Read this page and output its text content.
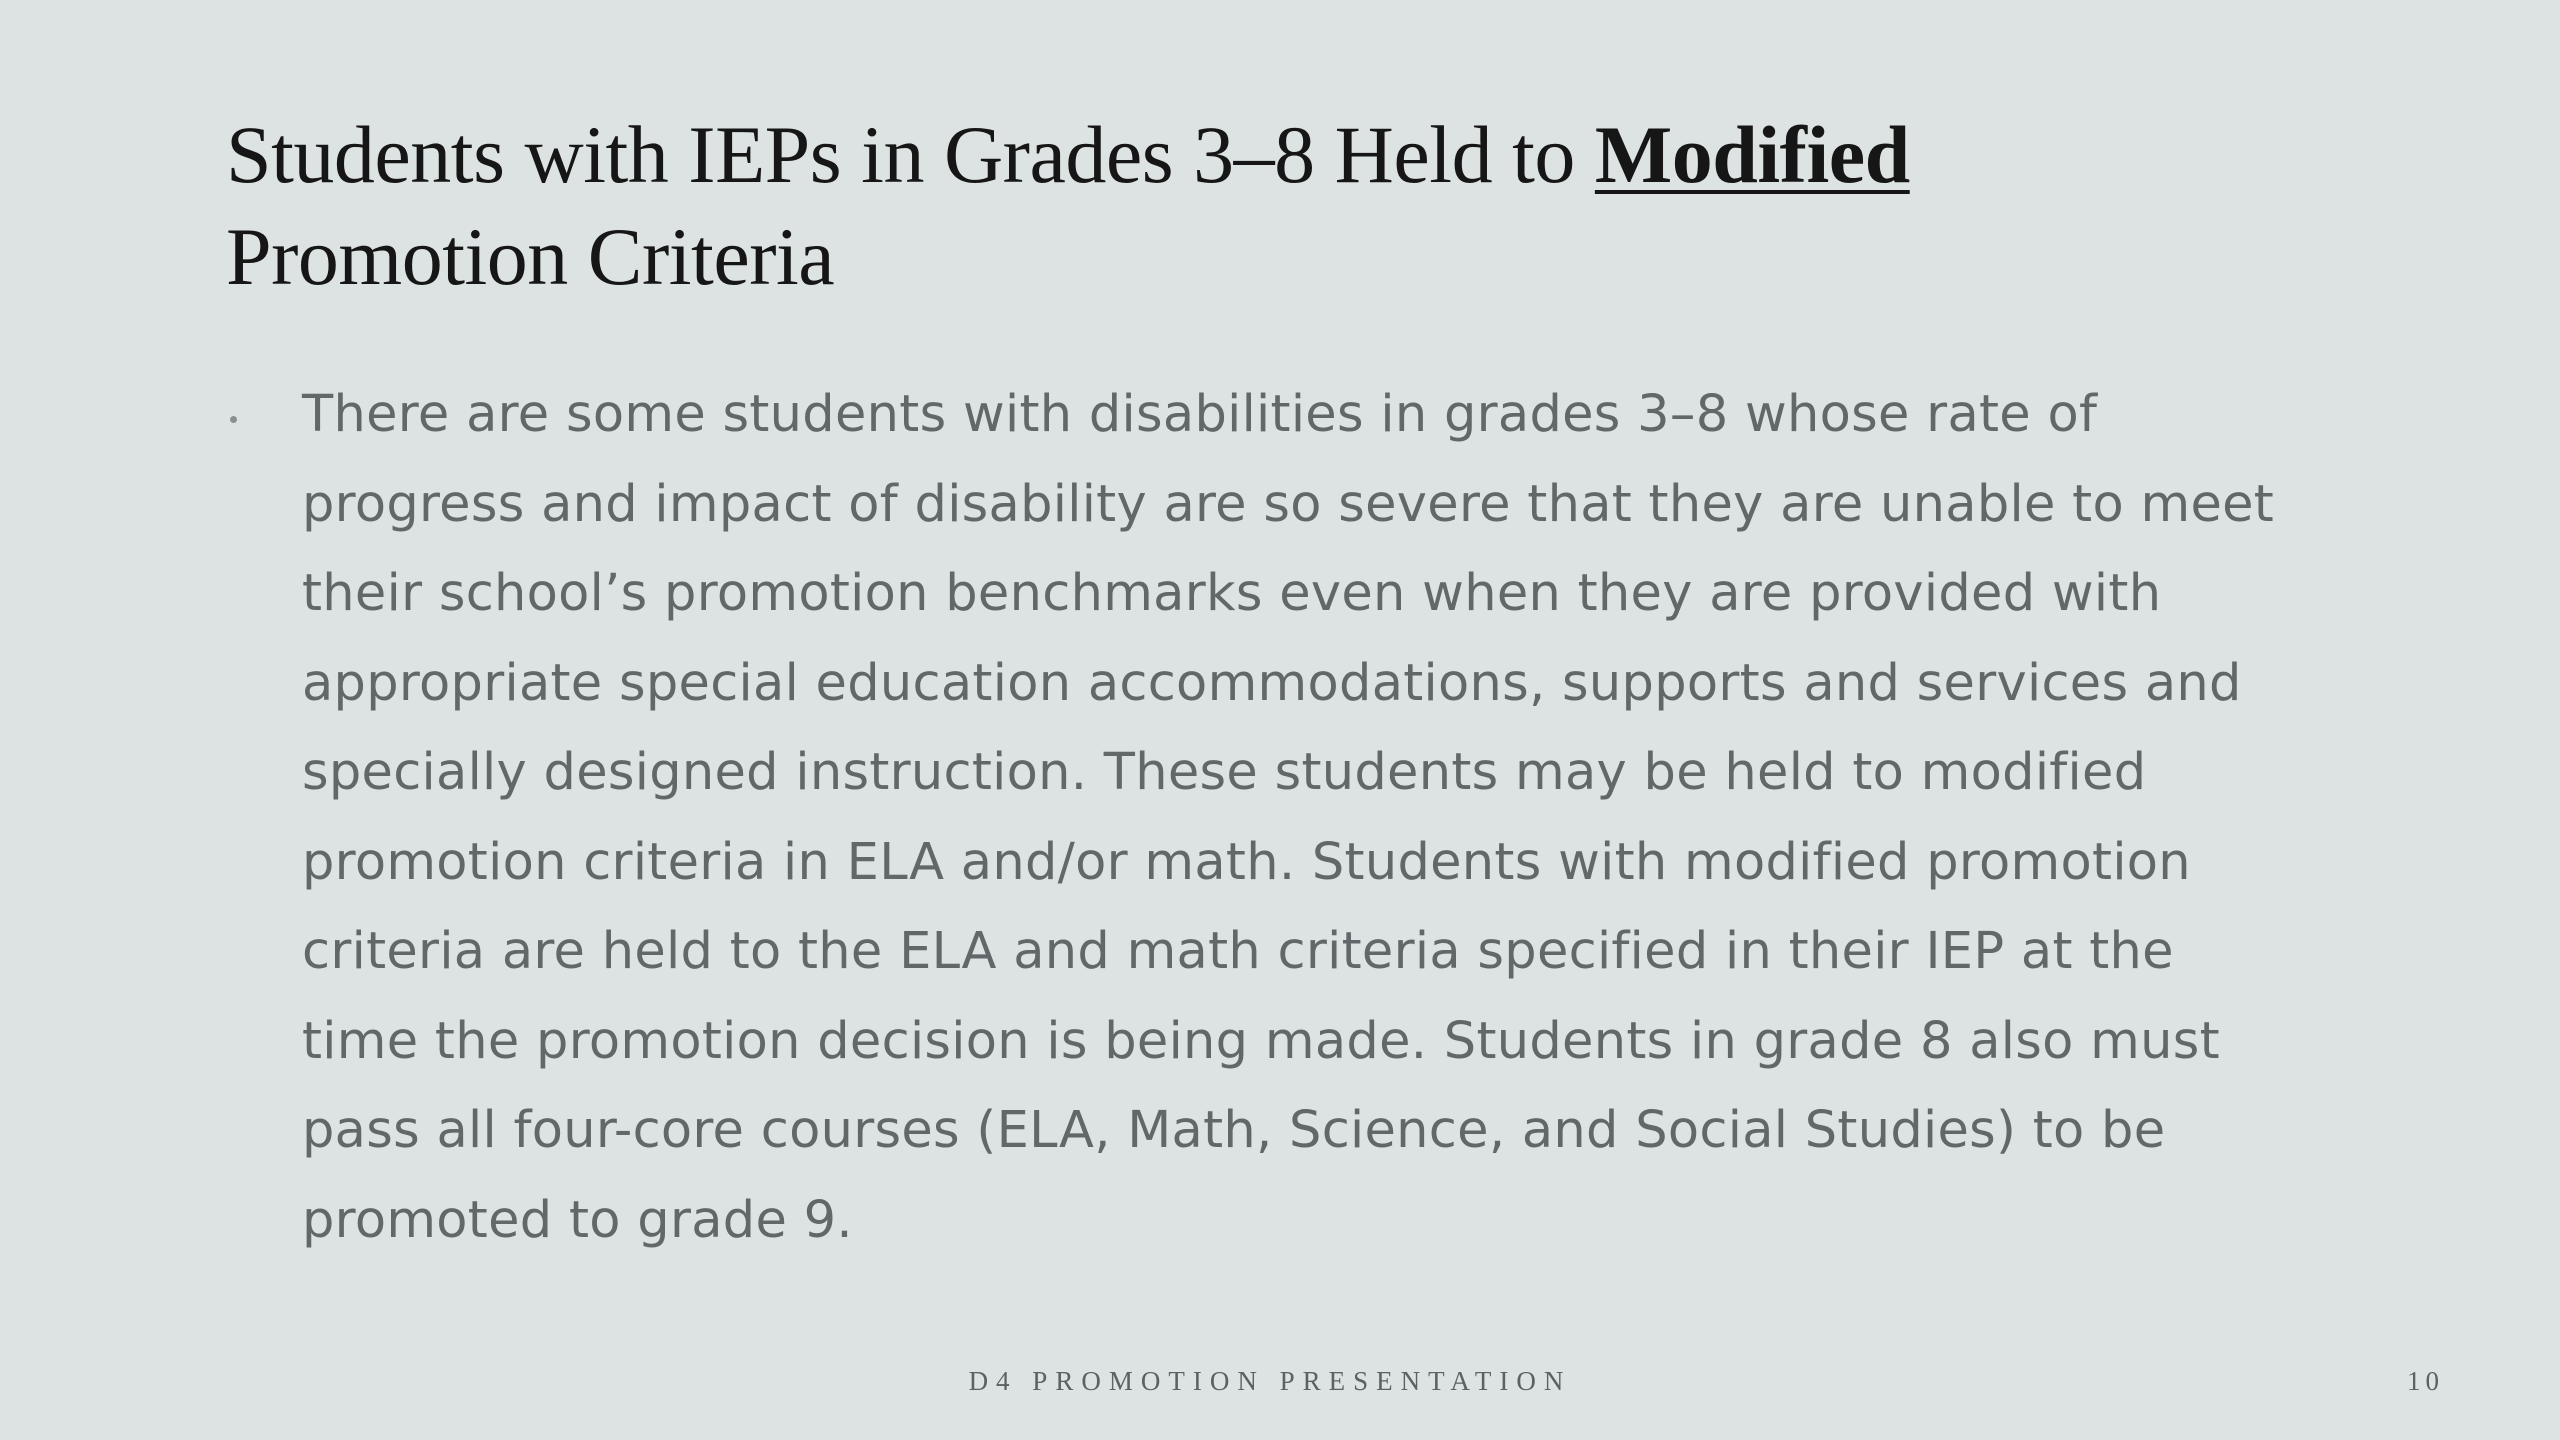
Students with IEPs in Grades 3–8 Held to Modified
Promotion Criteria
There are some students with disabilities in grades 3–8 whose rate of progress and impact of disability are so severe that they are unable to meet their school’s promotion benchmarks even when they are provided with appropriate special education accommodations, supports and services and specially designed instruction. These students may be held to modified promotion criteria in ELA and/or math. Students with modified promotion criteria are held to the ELA and math criteria specified in their IEP at the time the promotion decision is being made. Students in grade 8 also must pass all four-core courses (ELA, Math, Science, and Social Studies) to be promoted to grade 9.
D4 PROMOTION PRESENTATION	10
